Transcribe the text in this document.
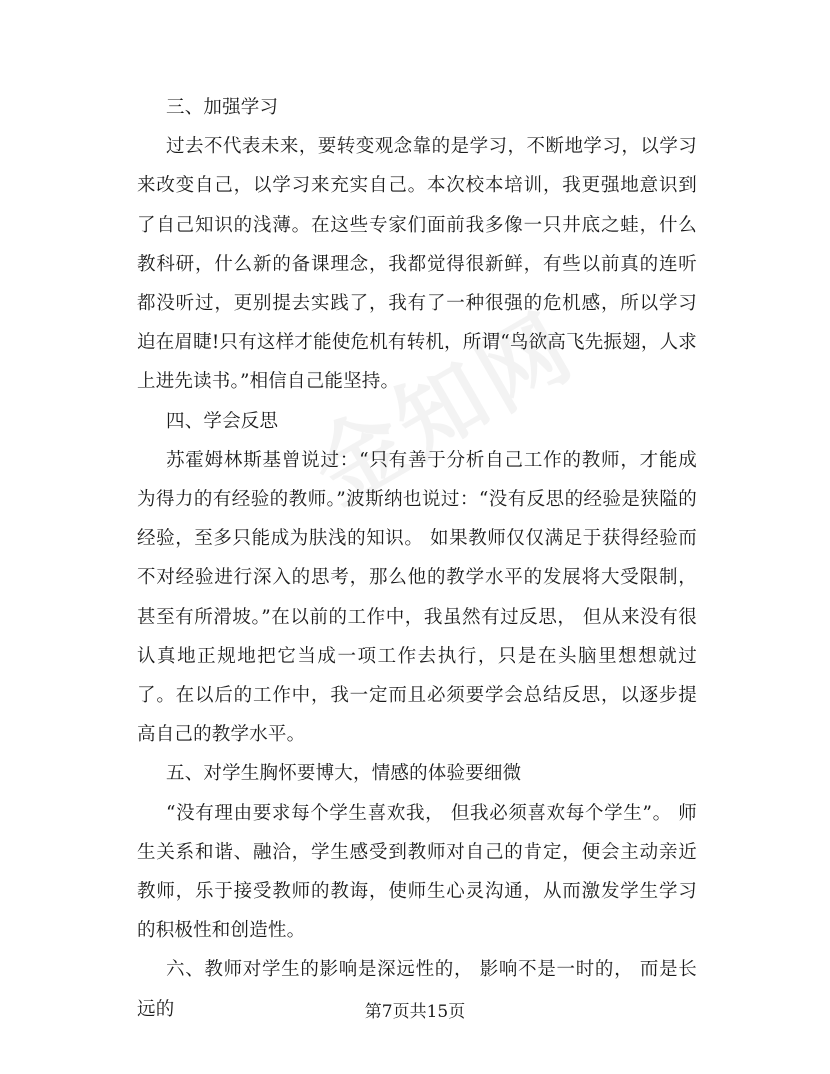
三、加强学习

过去不代表未来，要转变观念靠的是学习，不断地学习，以学习来改变自己，以学习来充实自己。本次校本培训，我更强地意识到了自己知识的浅薄。在这些专家们面前我多像一只井底之蛙，什么教科研，什么新的备课理念，我都觉得很新鲜，有些以前真的连听都没听过，更别提去实践了，我有了一种很强的危机感，所以学习迫在眉睫!只有这样才能使危机有转机，所谓“鸟欲高飞先振翅，人求上进先读书。”相信自己能坚持。

四、学会反思

苏霍姆林斯基曾说过：“只有善于分析自己工作的教师，才能成为得力的有经验的教师。”波斯纳也说过：“没有反思的经验是狭隘的经验，至多只能成为肤浅的知识。 如果教师仅仅满足于获得经验而不对经验进行深入的思考，那么他的教学水平的发展将大受限制，甚至有所滑坡。”在以前的工作中，我虽然有过反思， 但从来没有很认真地正规地把它当成一项工作去执行，只是在头脑里想想就过了。在以后的工作中，我一定而且必须要学会总结反思，以逐步提高自己的教学水平。

五、对学生胸怀要博大，情感的体验要细微

“没有理由要求每个学生喜欢我， 但我必须喜欢每个学生”。 师生关系和谐、融洽，学生感受到教师对自己的肯定，便会主动亲近教师，乐于接受教师的教诲，使师生心灵沟通，从而激发学生学习的积极性和创造性。

六、教师对学生的影响是深远性的， 影响不是一时的， 而是长远的	第7页共15页
